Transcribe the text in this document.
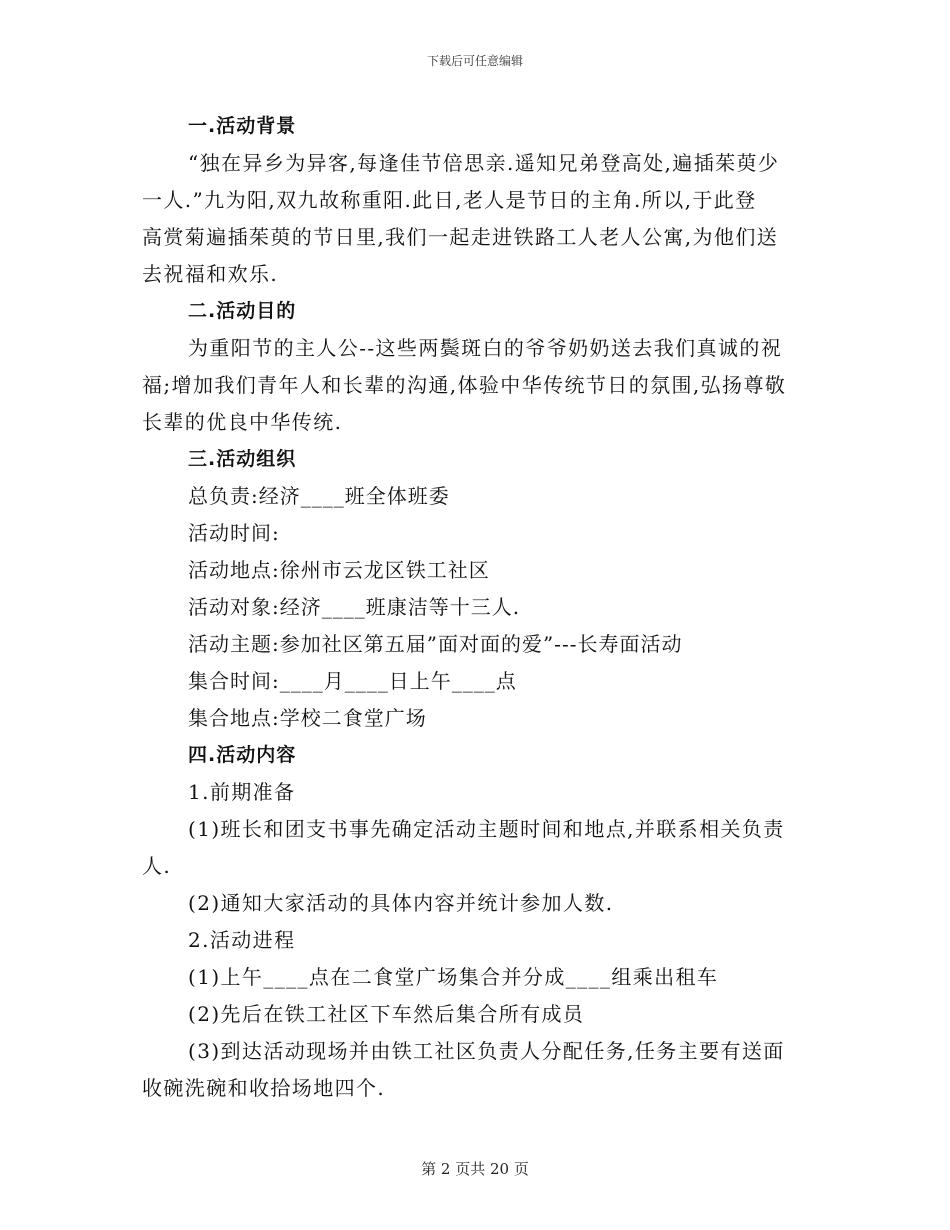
下载后可任意编辑
一.活动背景
“独在异乡为异客,每逢佳节倍思亲.遥知兄弟登高处,遍插茱萸少
一人.”九为阳,双九故称重阳.此日,老人是节日的主角.所以,于此登
高赏菊遍插茱萸的节日里,我们一起走进铁路工人老人公寓,为他们送
去祝福和欢乐.
二.活动目的
为重阳节的主人公--这些两鬓斑白的爷爷奶奶送去我们真诚的祝
福;增加我们青年人和长辈的沟通,体验中华传统节日的氛围,弘扬尊敬
长辈的优良中华传统.
三.活动组织
总负责:经济____班全体班委
活动时间:
活动地点:徐州市云龙区铁工社区
活动对象:经济____班康洁等十三人.
活动主题:参加社区第五届”面对面的爱”---长寿面活动
集合时间:____月____日上午____点
集合地点:学校二食堂广场
四.活动内容
1.前期准备
(1)班长和团支书事先确定活动主题时间和地点,并联系相关负责
人.
(2)通知大家活动的具体内容并统计参加人数.
2.活动进程
(1)上午____点在二食堂广场集合并分成____组乘出租车
(2)先后在铁工社区下车然后集合所有成员
(3)到达活动现场并由铁工社区负责人分配任务,任务主要有送面
收碗洗碗和收拾场地四个.
第 2 页共 20 页
